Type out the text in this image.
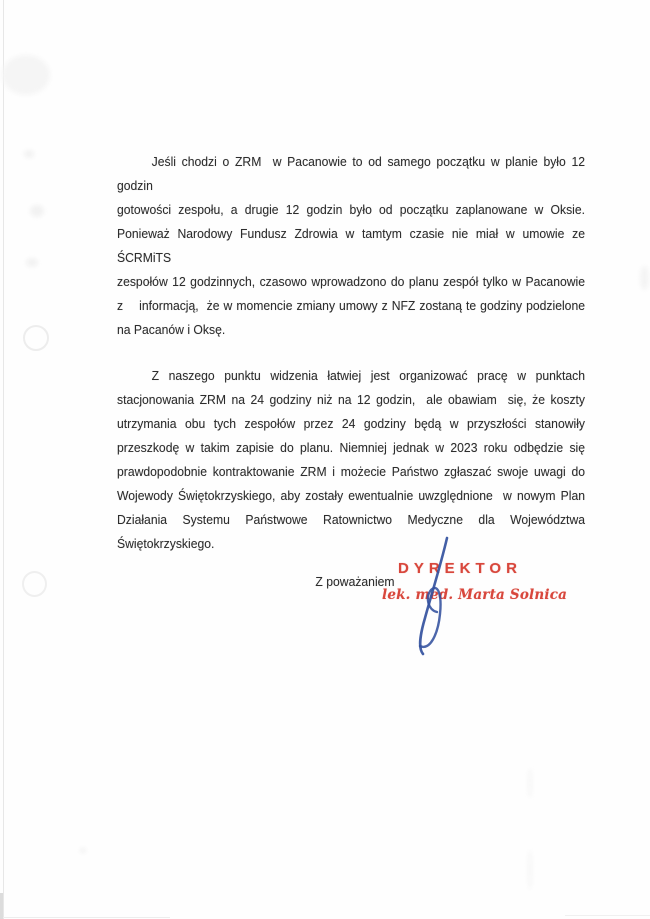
Jeśli chodzi o ZRM  w Pacanowie to od samego początku w planie było 12 godzin
gotowości zespołu, a drugie 12 godzin było od początku zaplanowane w Oksie.
Ponieważ Narodowy Fundusz Zdrowia w tamtym czasie nie miał w umowie ze ŚCRMiTS
zespołów 12 godzinnych, czasowo wprowadzono do planu zespół tylko w Pacanowie
z    informacją,  że w momencie zmiany umowy z NFZ zostaną te godziny podzielone
na Pacanów i Oksę.
Z naszego punktu widzenia łatwiej jest organizować pracę w punktach
stacjonowania ZRM na 24 godziny niż na 12 godzin,  ale obawiam  się, że koszty
utrzymania obu tych zespołów przez 24 godziny będą w przyszłości stanowiły
przeszkodę w takim zapisie do planu. Niemniej jednak w 2023 roku odbędzie się
prawdopodobnie kontraktowanie ZRM i możecie Państwo zgłaszać swoje uwagi do
Wojewody Świętokrzyskiego, aby zostały ewentualnie uwzględnione  w nowym Plan
Działania Systemu Państwowe Ratownictwo Medyczne dla Województwa
Świętokrzyskiego.
Z poważaniem
DYREKTOR
lek. med. Marta Solnica
